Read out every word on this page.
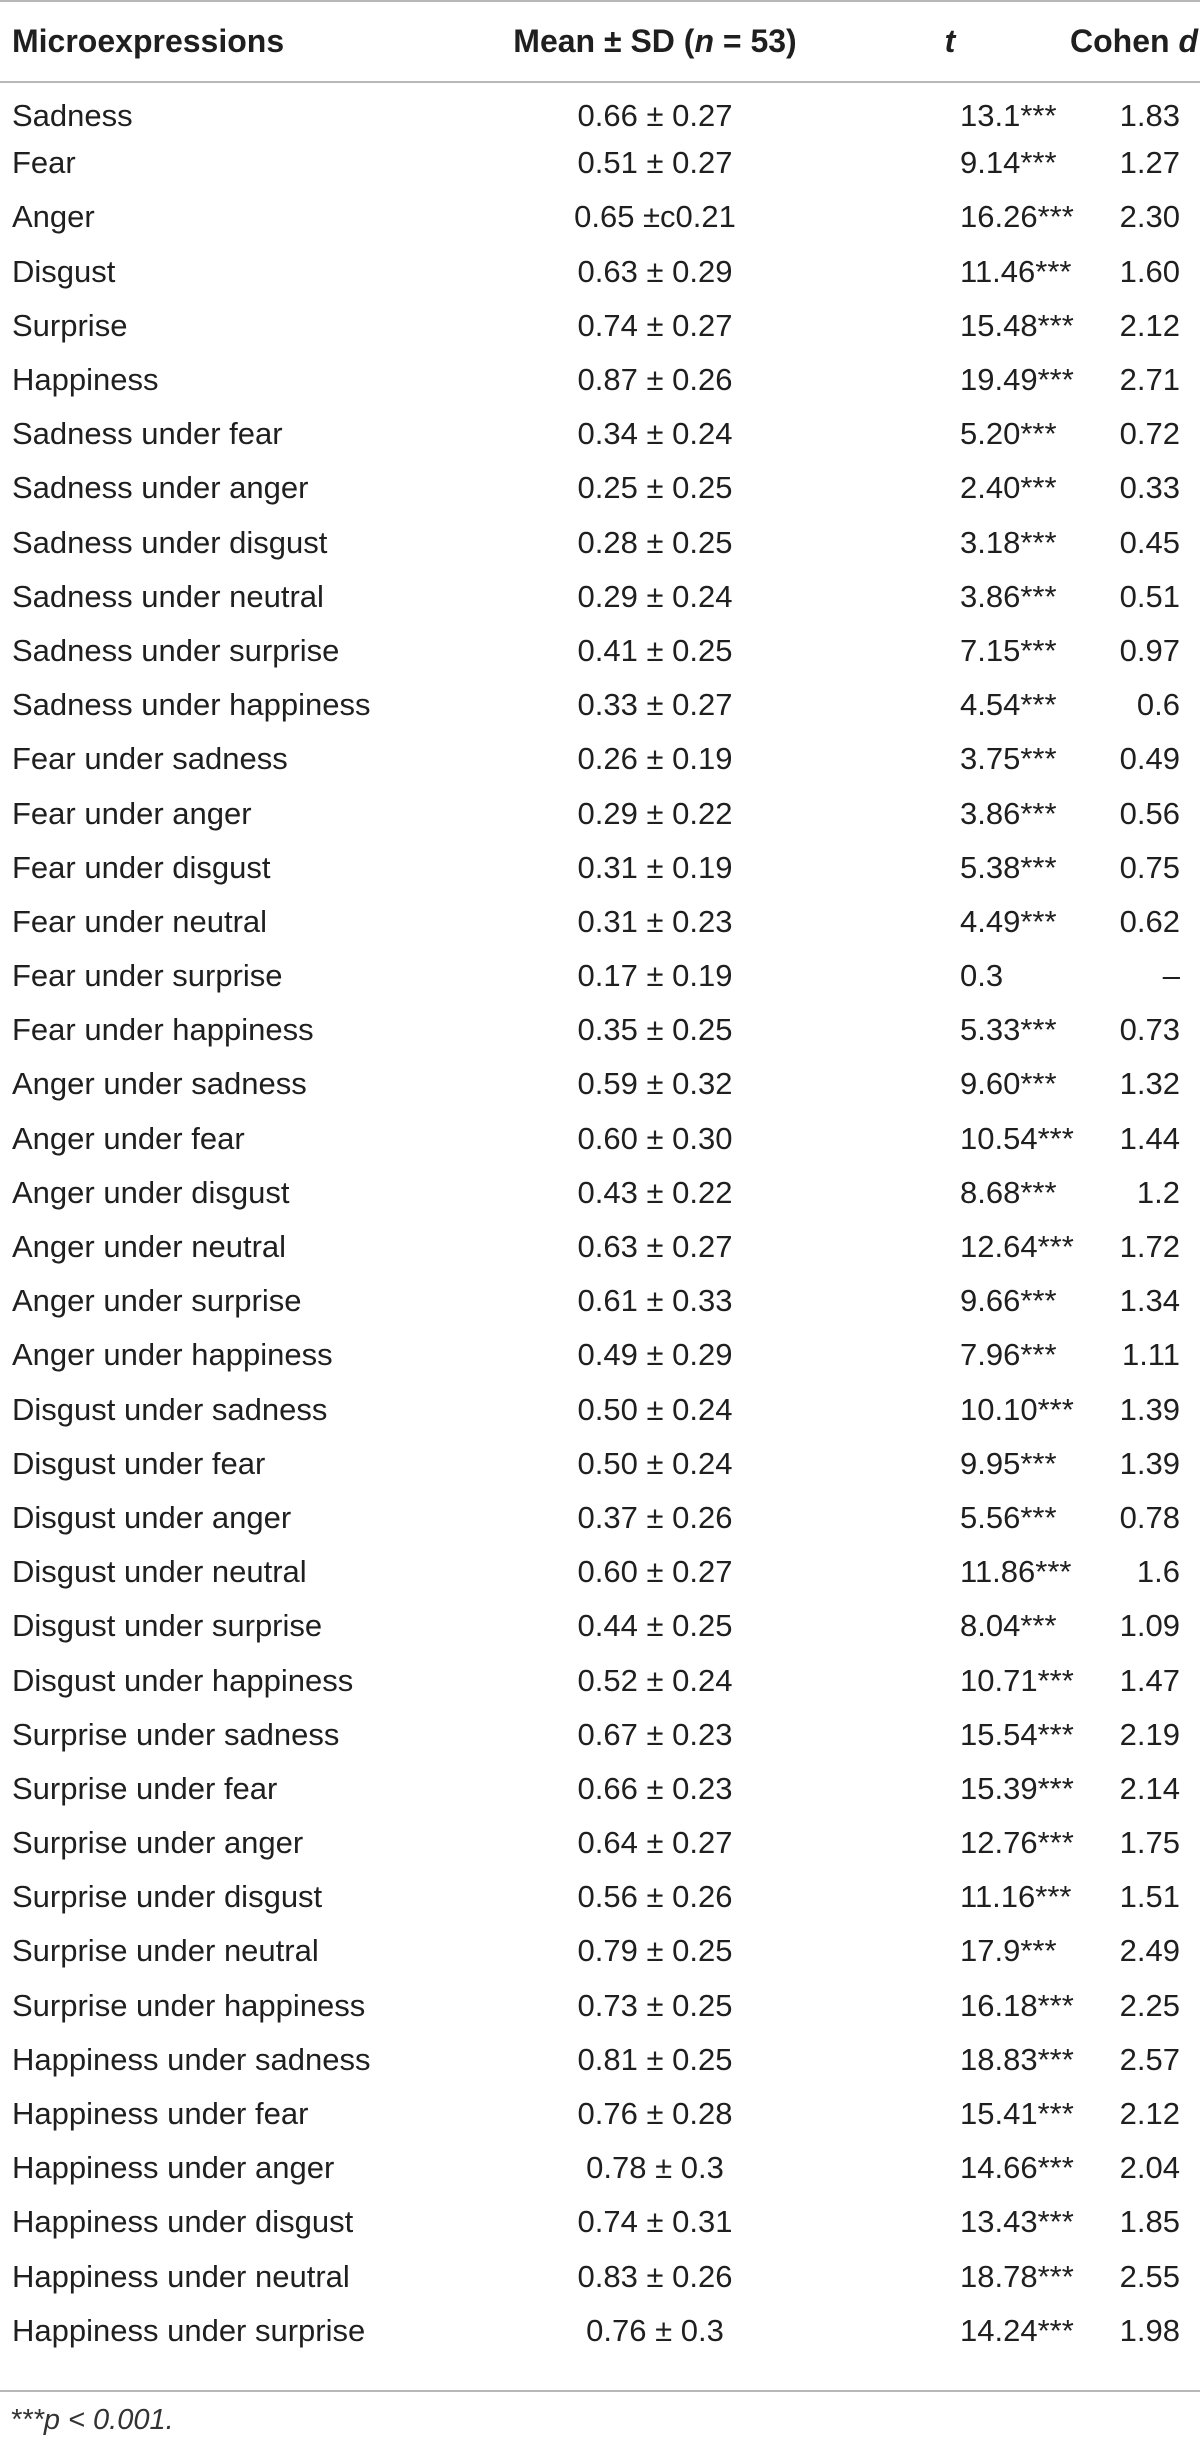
Microexpressions	Mean ± SD (n = 53)	t	Cohen d
Sadness	0.66 ± 0.27	13.1***	1.83
Fear	0.51 ± 0.27	9.14***	1.27
Anger	0.65 ±c0.21	16.26***	2.30
Disgust	0.63 ± 0.29	11.46***	1.60
Surprise	0.74 ± 0.27	15.48***	2.12
Happiness	0.87 ± 0.26	19.49***	2.71
Sadness under fear	0.34 ± 0.24	5.20***	0.72
Sadness under anger	0.25 ± 0.25	2.40***	0.33
Sadness under disgust	0.28 ± 0.25	3.18***	0.45
Sadness under neutral	0.29 ± 0.24	3.86***	0.51
Sadness under surprise	0.41 ± 0.25	7.15***	0.97
Sadness under happiness	0.33 ± 0.27	4.54***	0.6
Fear under sadness	0.26 ± 0.19	3.75***	0.49
Fear under anger	0.29 ± 0.22	3.86***	0.56
Fear under disgust	0.31 ± 0.19	5.38***	0.75
Fear under neutral	0.31 ± 0.23	4.49***	0.62
Fear under surprise	0.17 ± 0.19	0.3	–
Fear under happiness	0.35 ± 0.25	5.33***	0.73
Anger under sadness	0.59 ± 0.32	9.60***	1.32
Anger under fear	0.60 ± 0.30	10.54***	1.44
Anger under disgust	0.43 ± 0.22	8.68***	1.2
Anger under neutral	0.63 ± 0.27	12.64***	1.72
Anger under surprise	0.61 ± 0.33	9.66***	1.34
Anger under happiness	0.49 ± 0.29	7.96***	1.11
Disgust under sadness	0.50 ± 0.24	10.10***	1.39
Disgust under fear	0.50 ± 0.24	9.95***	1.39
Disgust under anger	0.37 ± 0.26	5.56***	0.78
Disgust under neutral	0.60 ± 0.27	11.86***	1.6
Disgust under surprise	0.44 ± 0.25	8.04***	1.09
Disgust under happiness	0.52 ± 0.24	10.71***	1.47
Surprise under sadness	0.67 ± 0.23	15.54***	2.19
Surprise under fear	0.66 ± 0.23	15.39***	2.14
Surprise under anger	0.64 ± 0.27	12.76***	1.75
Surprise under disgust	0.56 ± 0.26	11.16***	1.51
Surprise under neutral	0.79 ± 0.25	17.9***	2.49
Surprise under happiness	0.73 ± 0.25	16.18***	2.25
Happiness under sadness	0.81 ± 0.25	18.83***	2.57
Happiness under fear	0.76 ± 0.28	15.41***	2.12
Happiness under anger	0.78 ± 0.3	14.66***	2.04
Happiness under disgust	0.74 ± 0.31	13.43***	1.85
Happiness under neutral	0.83 ± 0.26	18.78***	2.55
Happiness under surprise	0.76 ± 0.3	14.24***	1.98
***p < 0.001.
